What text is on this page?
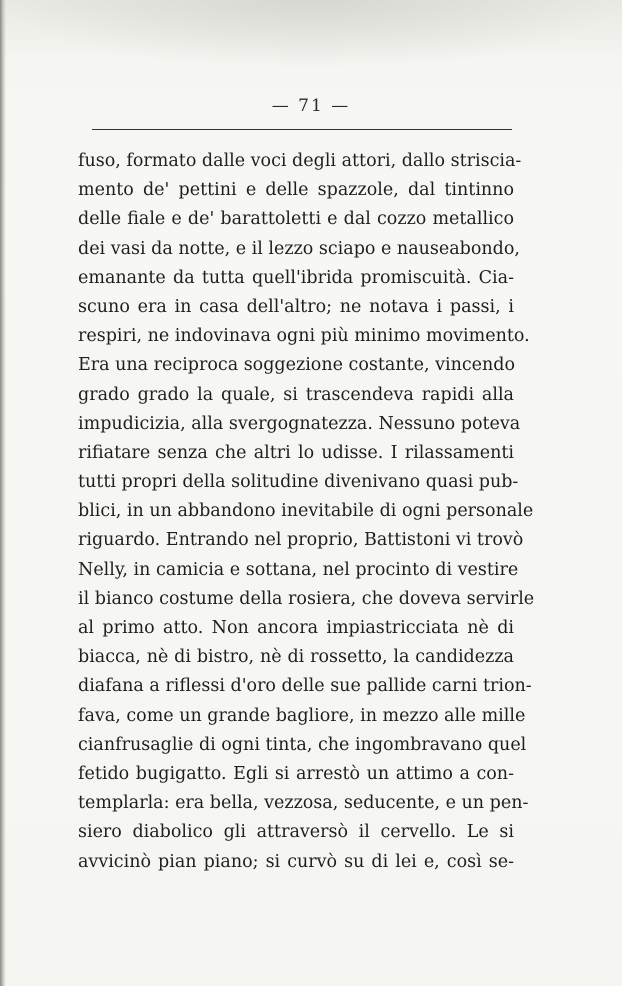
— 71 —
fuso, formato dalle voci degli attori, dallo striscia-
mento de' pettini e delle spazzole, dal tintinno
delle fiale e de' barattoletti e dal cozzo metallico
dei vasi da notte, e il lezzo sciapo e nauseabondo,
emanante da tutta quell'ibrida promiscuità. Cia-
scuno era in casa dell'altro; ne notava i passi, i
respiri, ne indovinava ogni più minimo movimento.
Era una reciproca soggezione costante, vincendo
grado grado la quale, si trascendeva rapidi alla
impudicizia, alla svergognatezza. Nessuno poteva
rifiatare senza che altri lo udisse. I rilassamenti
tutti propri della solitudine divenivano quasi pub-
blici, in un abbandono inevitabile di ogni personale
riguardo. Entrando nel proprio, Battistoni vi trovò
Nelly, in camicia e sottana, nel procinto di vestire
il bianco costume della rosiera, che doveva servirle
al primo atto. Non ancora impiastricciata nè di
biacca, nè di bistro, nè di rossetto, la candidezza
diafana a riflessi d'oro delle sue pallide carni trion-
fava, come un grande bagliore, in mezzo alle mille
cianfrusaglie di ogni tinta, che ingombravano quel
fetido bugigatto. Egli si arrestò un attimo a con-
templarla: era bella, vezzosa, seducente, e un pen-
siero diabolico gli attraversò il cervello. Le si
avvicinò pian piano; si curvò su di lei e, così se-
